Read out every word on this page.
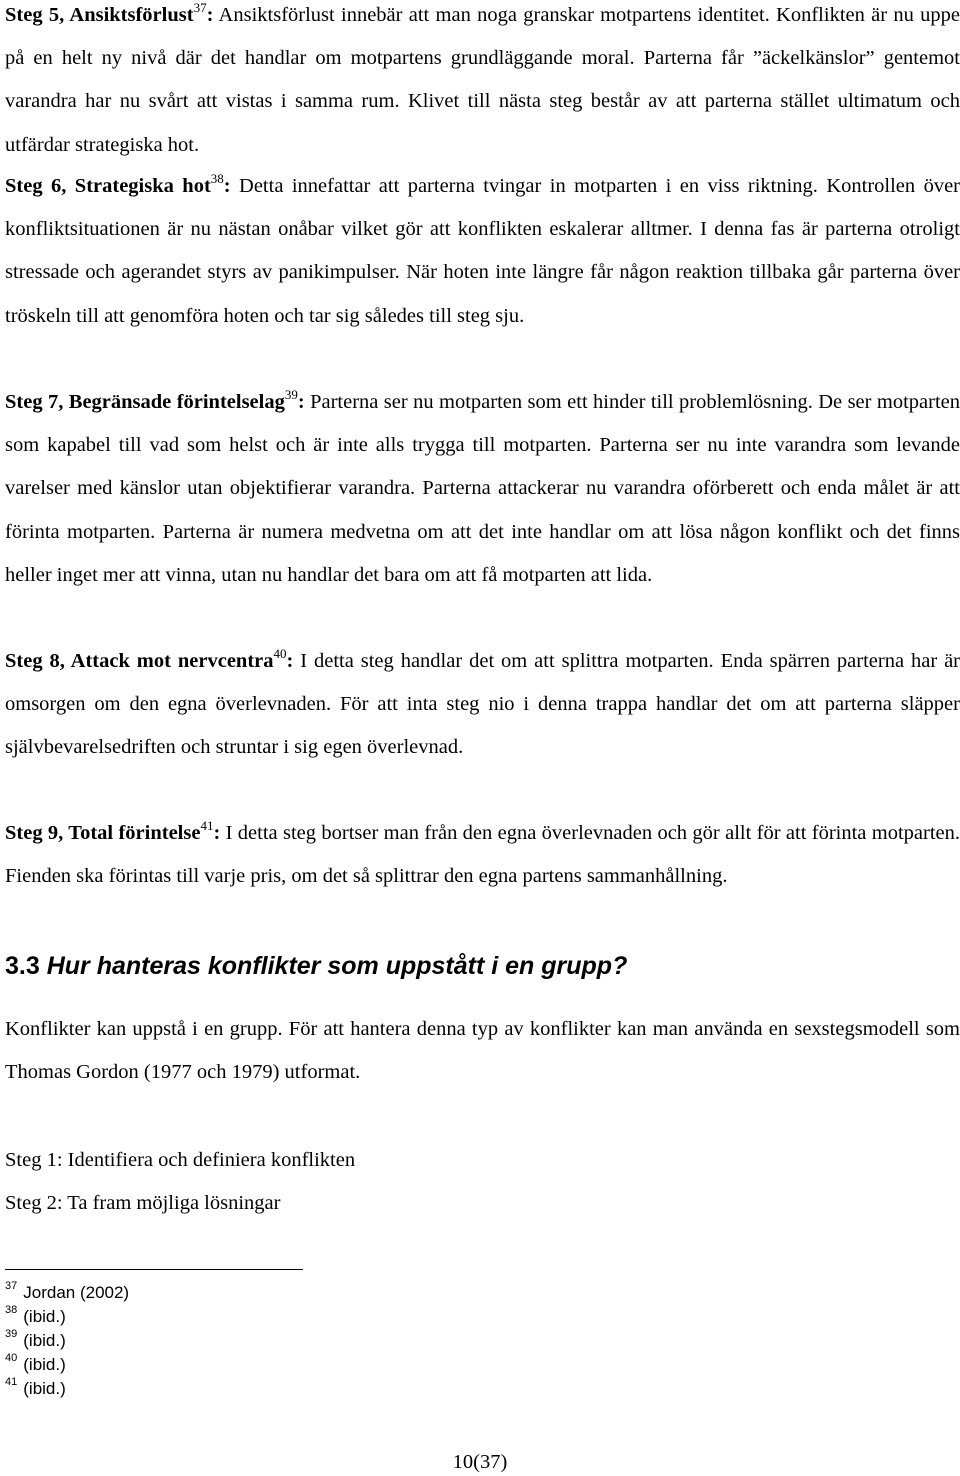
Steg 5, Ansiktsförlust$^{37}$: Ansiktsförlust innebär att man noga granskar motpartens identitet. Konflikten är nu uppe på en helt ny nivå där det handlar om motpartens grundläggande moral. Parterna får ”äckelkänslor” gentemot varandra har nu svårt att vistas i samma rum. Klivet till nästa steg består av att parterna stället ultimatum och utfärdar strategiska hot.

Steg 6, Strategiska hot$^{38}$: Detta innefattar att parterna tvingar in motparten i en viss riktning. Kontrollen över konfliktsituationen är nu nästan onåbar vilket gör att konflikten eskalerar alltmer. I denna fas är parterna otroligt stressade och agerandet styrs av panikimpulser. När hoten inte längre får någon reaktion tillbaka går parterna över tröskeln till att genomföra hoten och tar sig således till steg sju.

Steg 7, Begränsade förintelselag$^{39}$: Parterna ser nu motparten som ett hinder till problemlösning. De ser motparten som kapabel till vad som helst och är inte alls trygga till motparten. Parterna ser nu inte varandra som levande varelser med känslor utan objektifierar varandra. Parterna attackerar nu varandra oförberett och enda målet är att förinta motparten. Parterna är numera medvetna om att det inte handlar om att lösa någon konflikt och det finns heller inget mer att vinna, utan nu handlar det bara om att få motparten att lida.

Steg 8, Attack mot nervcentra$^{40}$: I detta steg handlar det om att splittra motparten. Enda spärren parterna har är omsorgen om den egna överlevnaden. För att inta steg nio i denna trappa handlar det om att parterna släpper självbevarelsedriften och struntar i sig egen överlevnad.

Steg 9, Total förintelse$^{41}$: I detta steg bortser man från den egna överlevnaden och gör allt för att förinta motparten. Fienden ska förintas till varje pris, om det så splittrar den egna partens sammanhållning.

3.3 Hur hanteras konflikter som uppstått i en grupp?

Konflikter kan uppstå i en grupp. För att hantera denna typ av konflikter kan man använda en sexstegsmodell som Thomas Gordon (1977 och 1979) utformat.

Steg 1: Identifiera och definiera konflikten

Steg 2: Ta fram möjliga lösningar

$^{37}$ Jordan (2002)

$^{38}$ (ibid.)

$^{39}$ (ibid.)

$^{40}$ (ibid.)

$^{41}$ (ibid.)

10(37)
